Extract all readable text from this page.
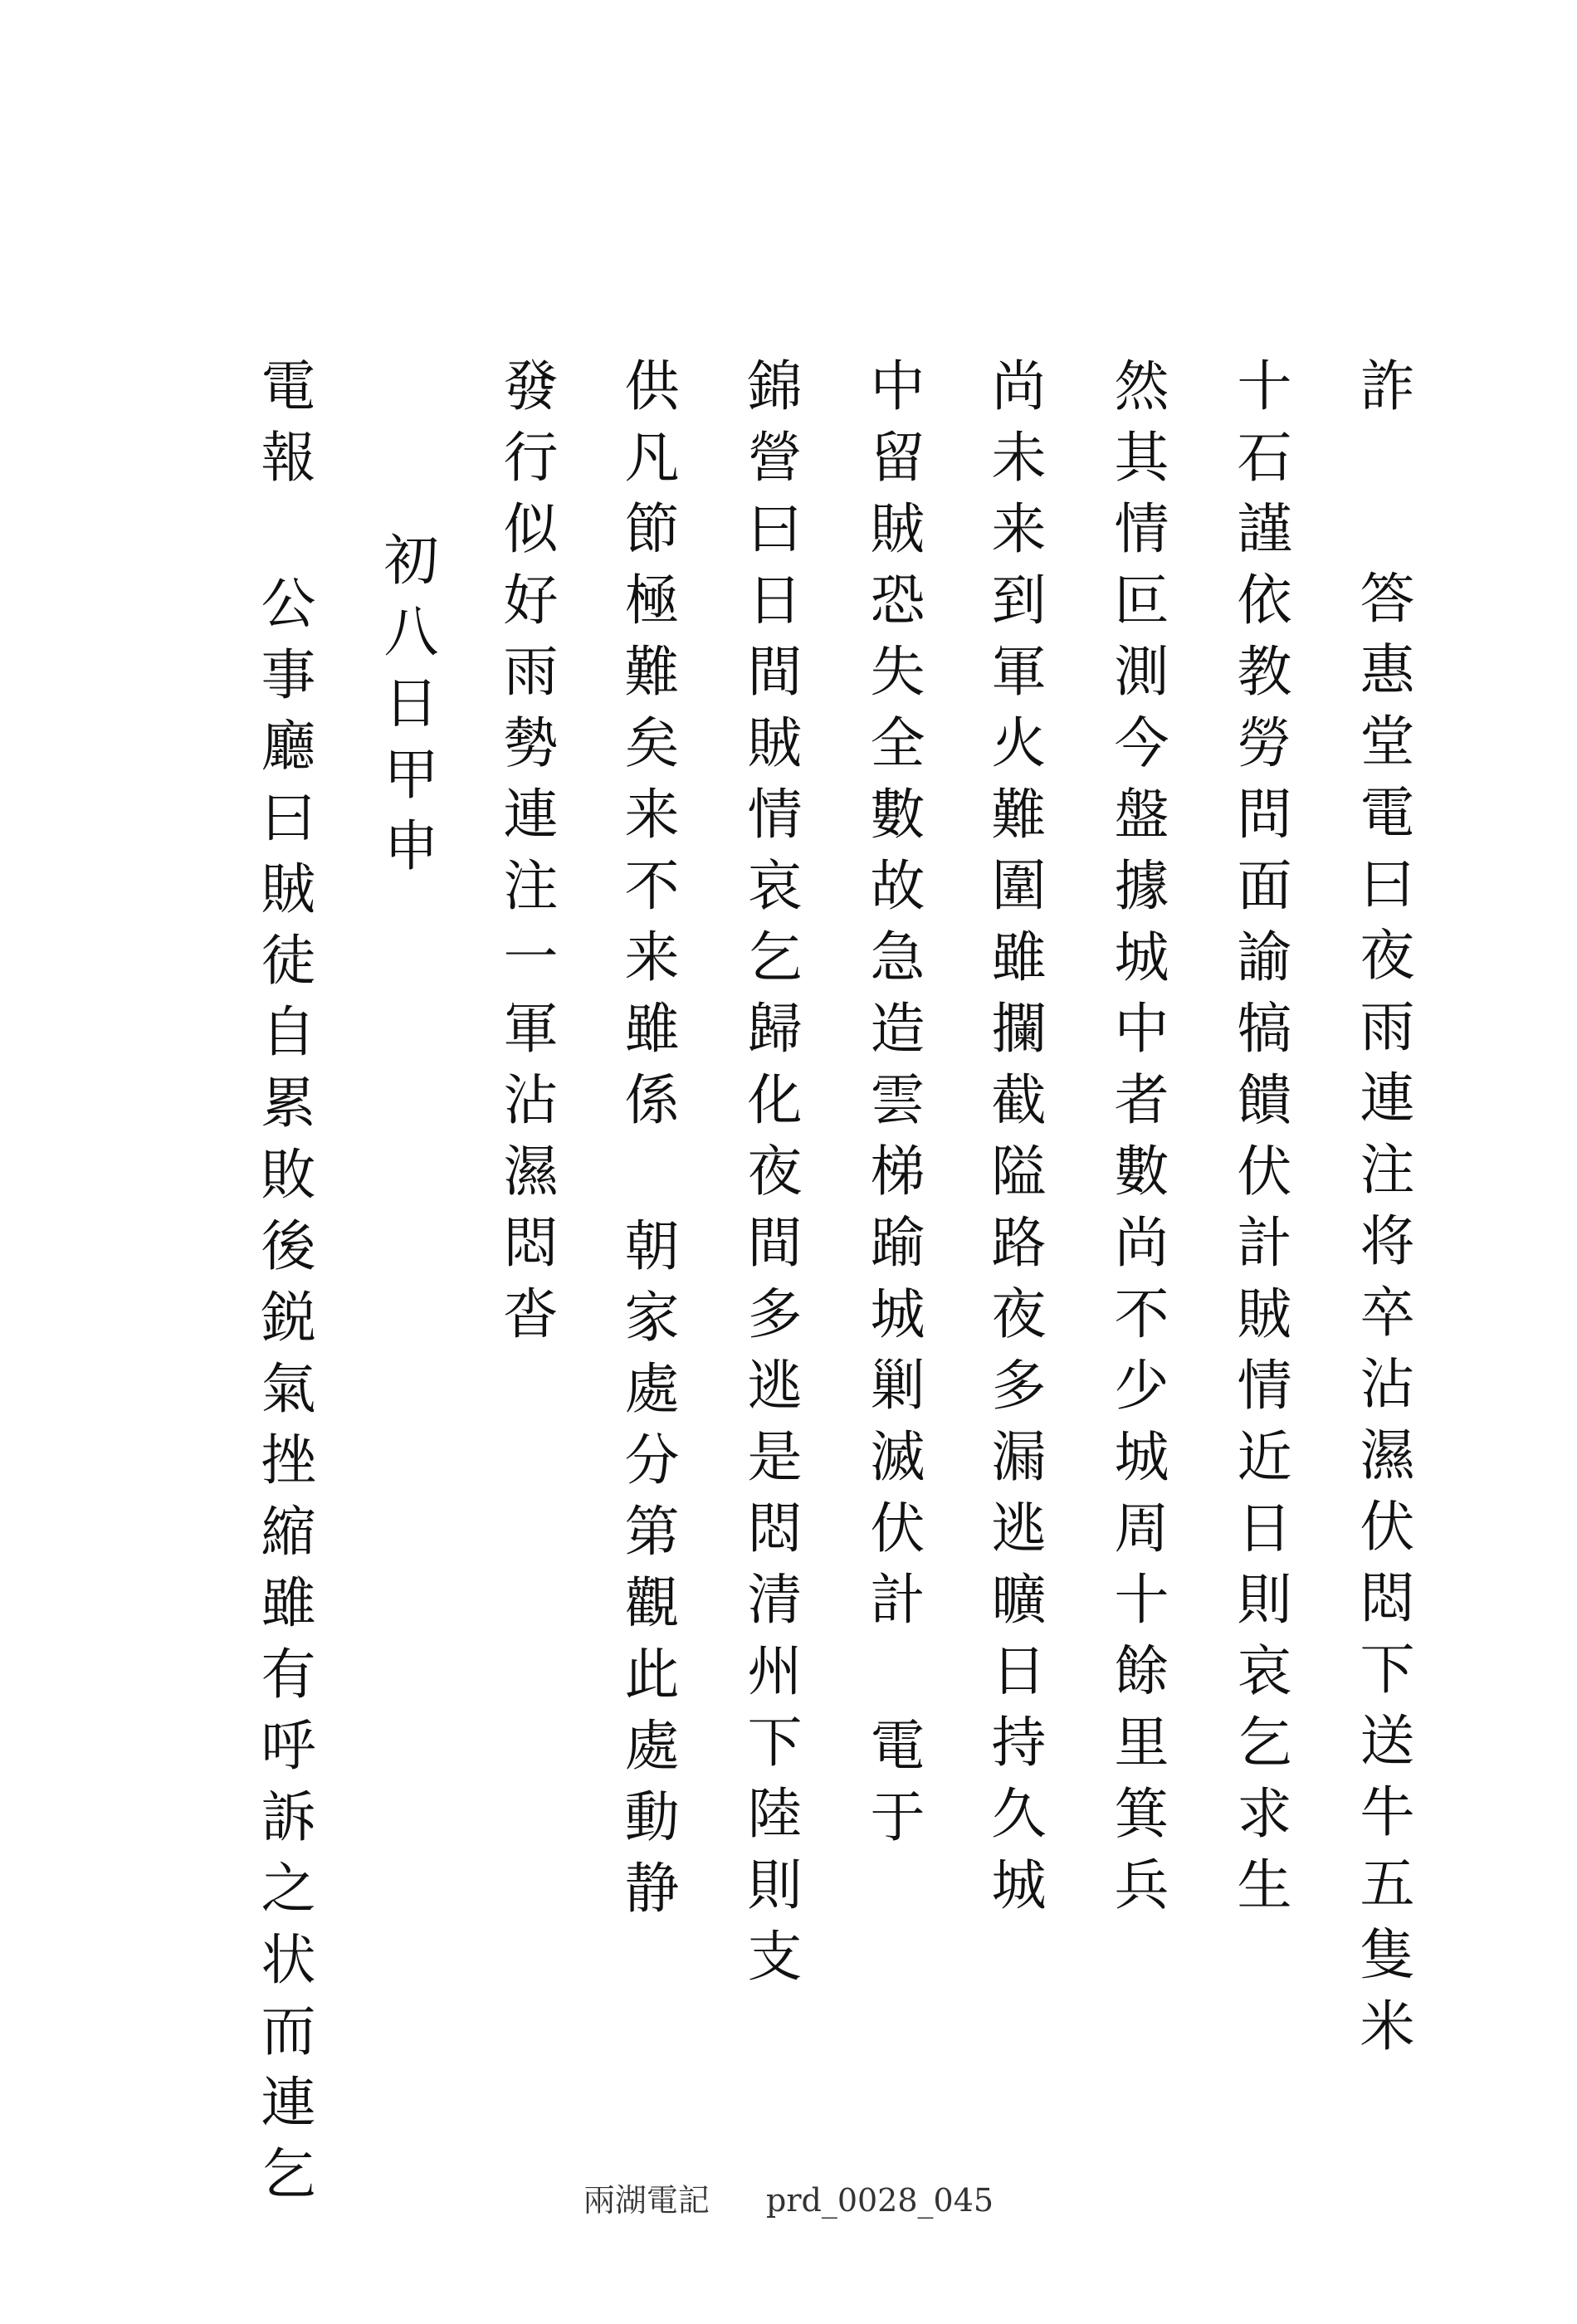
詐答惠堂電曰夜雨連注将卒沾濕伏悶下送牛五隻米
十石謹依教勞問面諭犒饋伏計賊情近日則哀乞求生
然其情叵測今盤據城中者數尚不少城周十餘里箕兵
尚未来到軍火難圍雖攔截隘路夜多漏逃曠日持久城
中留賊恐失全數故急造雲梯踰城剿滅伏計電于
錦營曰日間賊情哀乞歸化夜間多逃是悶清州下陸則支
供凡節極難矣来不来雖係朝家處分第觀此處動静
發行似好雨勢連注一軍沾濕悶沓
初八日甲申
電報公事廳曰賊徒自累敗後鋭氣挫縮雖有呼訴之状而連乞	兩湖電記 prd_0028_045
